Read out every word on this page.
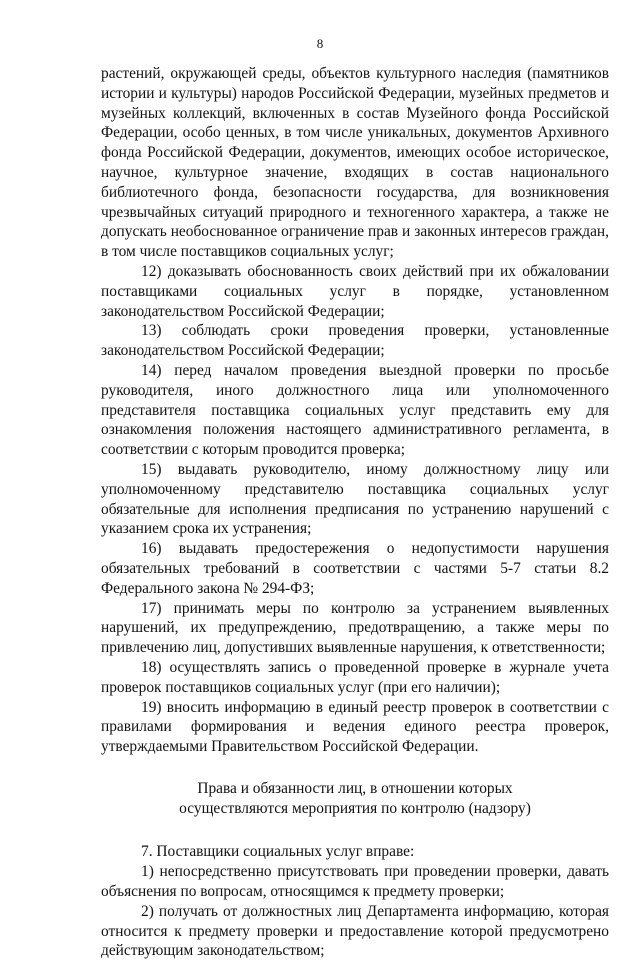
8

растений, окружающей среды, объектов культурного наследия (памятников истории и культуры) народов Российской Федерации, музейных предметов и музейных коллекций, включенных в состав Музейного фонда Российской Федерации, особо ценных, в том числе уникальных, документов Архивного фонда Российской Федерации, документов, имеющих особое историческое, научное, культурное значение, входящих в состав национального библиотечного фонда, безопасности государства, для возникновения чрезвычайных ситуаций природного и техногенного характера, а также не допускать необоснованное ограничение прав и законных интересов граждан, в том числе поставщиков социальных услуг;

12) доказывать обоснованность своих действий при их обжаловании поставщиками социальных услуг в порядке, установленном законодательством Российской Федерации;

13) соблюдать сроки проведения проверки, установленные законодательством Российской Федерации;

14) перед началом проведения выездной проверки по просьбе руководителя, иного должностного лица или уполномоченного представителя поставщика социальных услуг представить ему для ознакомления положения настоящего административного регламента, в соответствии с которым проводится проверка;

15) выдавать руководителю, иному должностному лицу или уполномоченному представителю поставщика социальных услуг обязательные для исполнения предписания по устранению нарушений с указанием срока их устранения;

16) выдавать предостережения о недопустимости нарушения обязательных требований в соответствии с частями 5-7 статьи 8.2 Федерального закона № 294-ФЗ;

17) принимать меры по контролю за устранением выявленных нарушений, их предупреждению, предотвращению, а также меры по привлечению лиц, допустивших выявленные нарушения, к ответственности;

18) осуществлять запись о проведенной проверке в журнале учета проверок поставщиков социальных услуг (при его наличии);

19) вносить информацию в единый реестр проверок в соответствии с правилами формирования и ведения единого реестра проверок, утверждаемыми Правительством Российской Федерации.

Права и обязанности лиц, в отношении которых
осуществляются мероприятия по контролю (надзору)

7. Поставщики социальных услуг вправе:

1) непосредственно присутствовать при проведении проверки, давать объяснения по вопросам, относящимся к предмету проверки;

2) получать от должностных лиц Департамента информацию, которая относится к предмету проверки и предоставление которой предусмотрено действующим законодательством;
